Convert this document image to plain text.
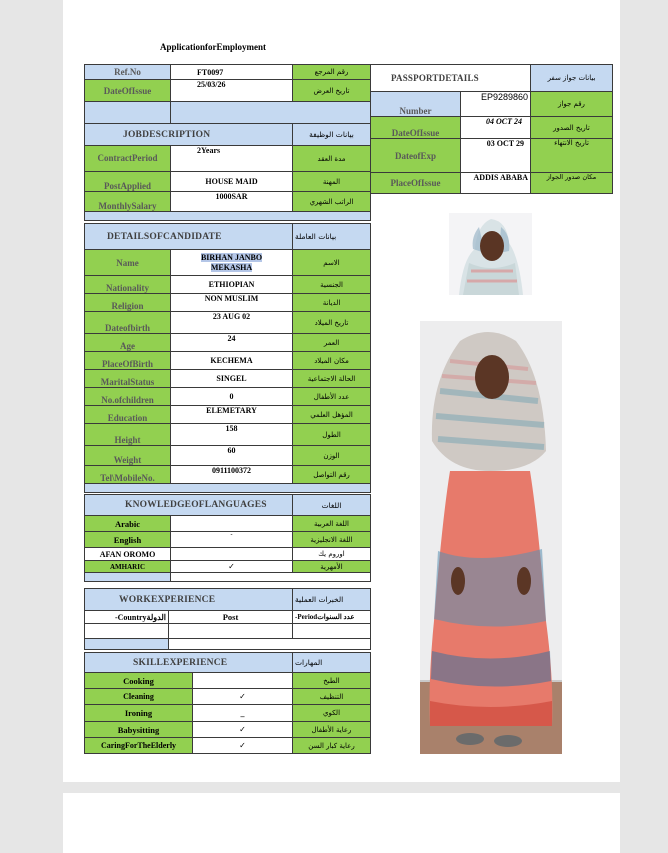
ApplicationforEmployment
Ref.No	FT0097	رقم المرجع
DateOfIssue	25/03/26	تاريخ العرض

JOBDESCRIPTION		بيانات الوظيفة
ContractPeriod	2Years	مدة العقد
PostApplied	HOUSE MAID	المهنة
MonthlySalary	1000SAR	الراتب الشهري

PASSPORTDETAILS		بيانات جواز سفر
Number	EP9289860	رقم جواز
DateOfIssue	04 OCT 24	تاريخ الصدور
DateofExp	03 OCT 29	تاريخ الانتهاء
PlaceOfIssue	ADDIS ABABA	مكان صدور الجواز
DETAILSOFCANDIDATE		بيانات العاملة
Name	BIRHAN JANBO MEKASHA	الاسم
Nationality	ETHIOPIAN	الجنسية
Religion	NON MUSLIM	الديانة
Dateofbirth	23 AUG 02	تاريخ الميلاد
Age	24	العمر
PlaceOfBirth	KECHEMA	مكان الميلاد
MaritalStatus	SINGEL	الحالة الاجتماعية
No.ofchildren	0	عدد الأطفال
Education	ELEMETARY	المؤهل العلمي
Height	158	الطول
Weight	60	الوزن
Tel\MobileNo.	0911100372	رقم التواصل

KNOWLEDGEOFLANGUAGES		اللغات
Arabic		اللغة العربية
English	-	اللغة الانجليزية
AFAN OROMO		اوروم يك
AMHARIC	✓	الأمهرية

WORKEXPERIENCE		الخبرات العملية
-Countryالدولة	Post	-Periodعدد السنوات

SKILLEXPERIENCE		المهارات
Cooking		الطبخ
Cleaning	✓	التنظيف
Ironing	_	الكوي
Babysitting	✓	رعاية الأطفال
CaringForTheElderly	✓	رعاية كبار السن
